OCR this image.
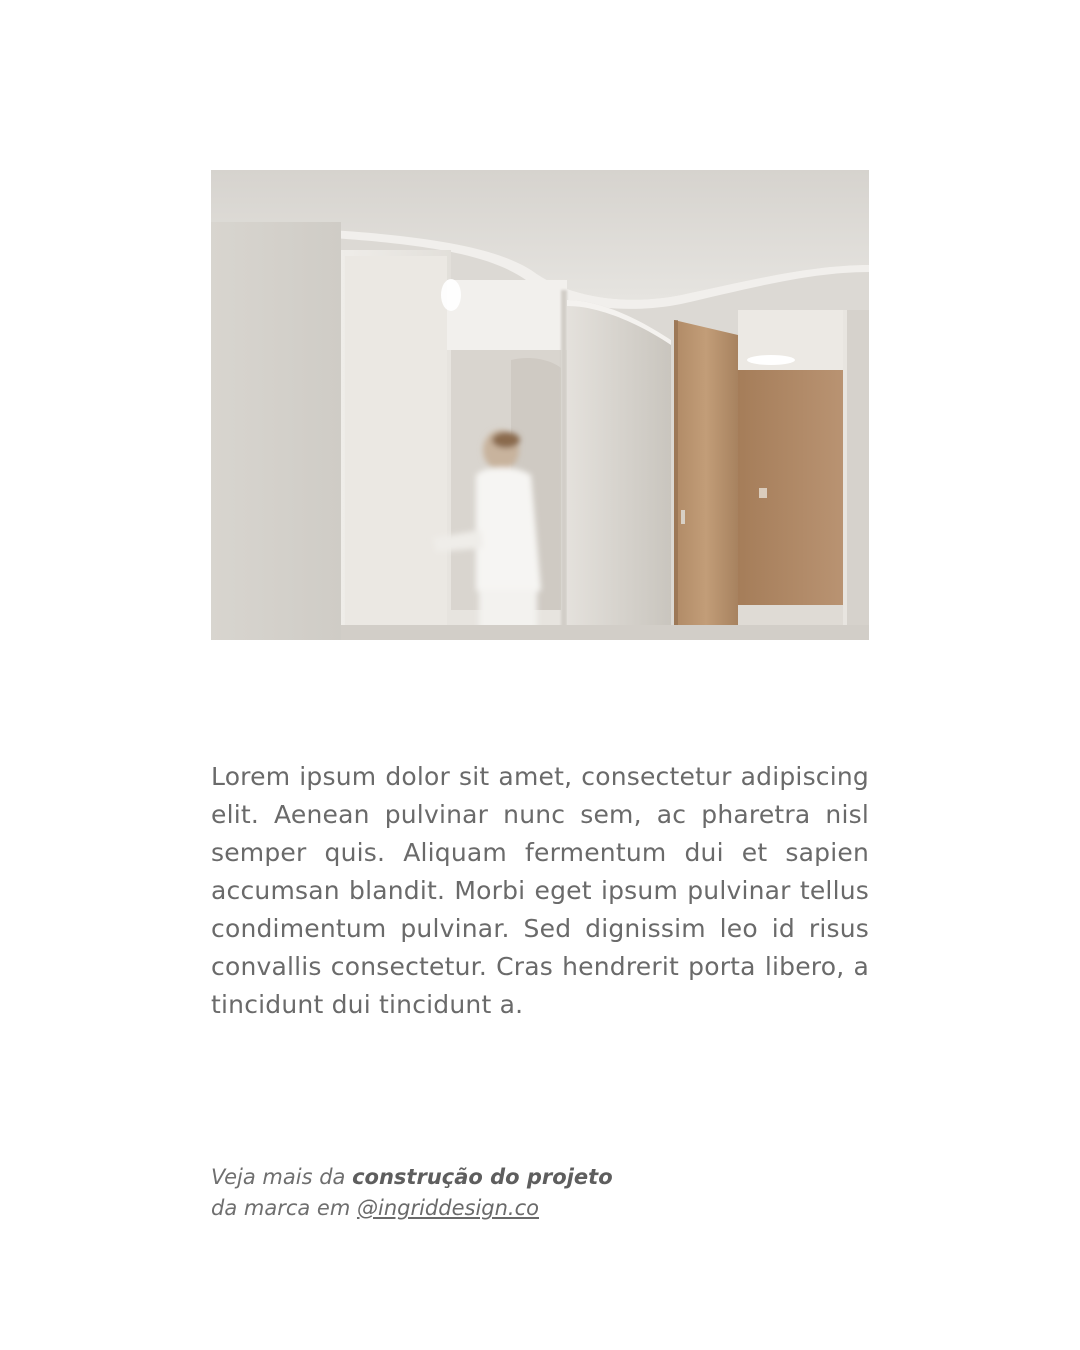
Lorem ipsum dolor sit amet, consectetur adipiscing elit. Aenean pulvinar nunc sem, ac pharetra nisl semper quis. Aliquam fermentum dui et sapien accumsan blandit. Morbi eget ipsum pulvinar tellus condimentum pulvinar. Sed dignissim leo id risus convallis consectetur. Cras hendrerit porta libero, a tincidunt dui tincidunt a.

Veja mais da construção do projeto
da marca em @ingriddesign.co
